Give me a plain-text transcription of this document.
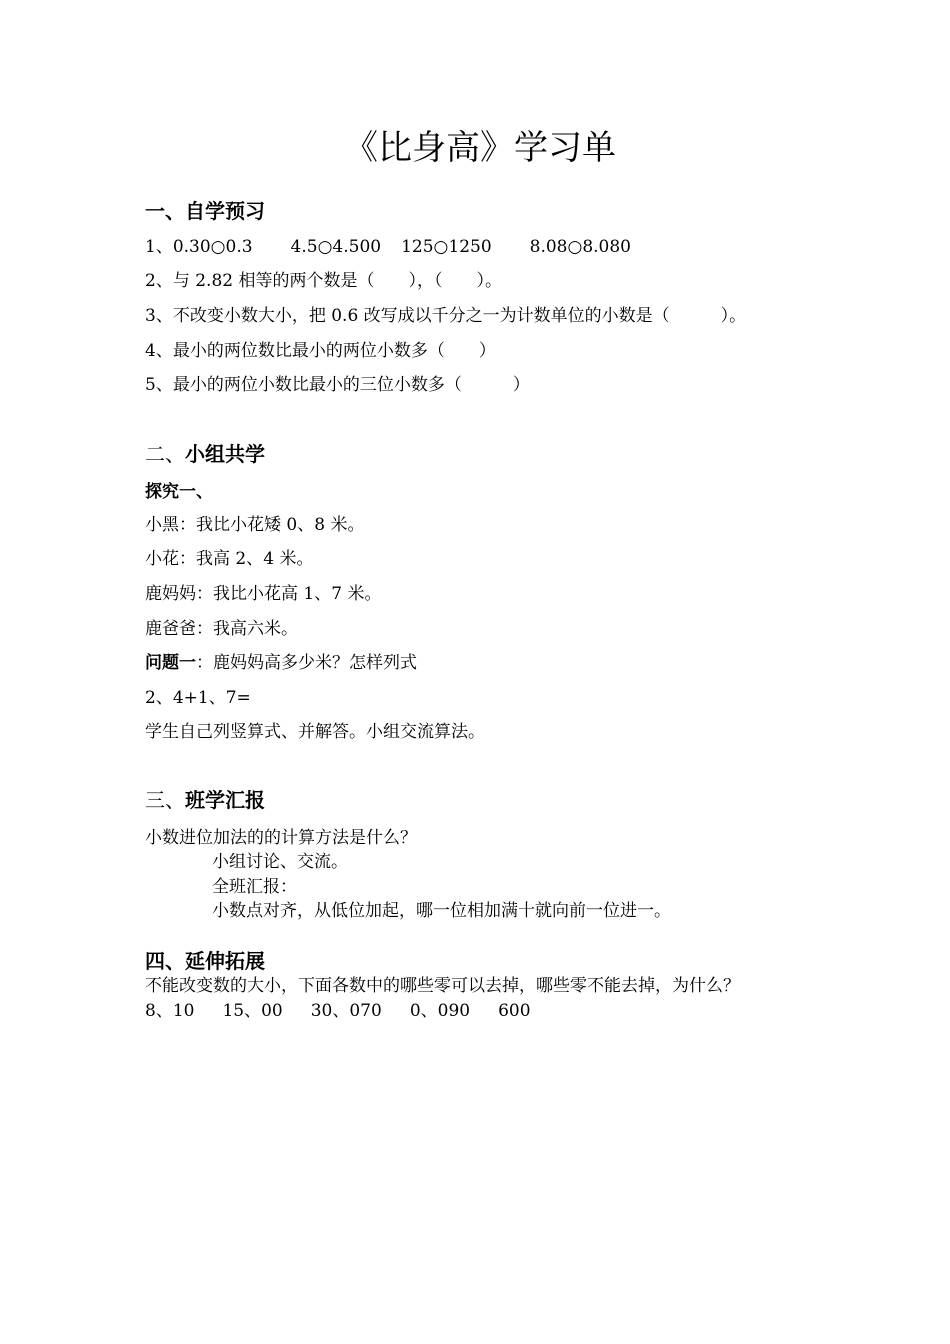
《比身高》学习单
一、自学预习
1、0.30○0.3 4.5○4.500 125○1250 8.08○8.080
2、与 2.82 相等的两个数是（　　），（　　）。
3、不改变小数大小，把 0.6 改写成以千分之一为计数单位的小数是（　　　）。
4、最小的两位数比最小的两位小数多（　　）
5、最小的两位小数比最小的三位小数多（　　　）
二、小组共学
探究一、
小黑：我比小花矮 0、8 米。
小花：我高 2、4 米。
鹿妈妈：我比小花高 1、7 米。
鹿爸爸：我高六米。
问题一：鹿妈妈高多少米？怎样列式
2、4+1、7=
学生自己列竖算式、并解答。小组交流算法。
三、班学汇报
小数进位加法的的计算方法是什么？
小组讨论、交流。
全班汇报：
小数点对齐，从低位加起，哪一位相加满十就向前一位进一。
四、延伸拓展
不能改变数的大小，下面各数中的哪些零可以去掉，哪些零不能去掉，为什么？
8、10 15、00 30、070 0、090 600
